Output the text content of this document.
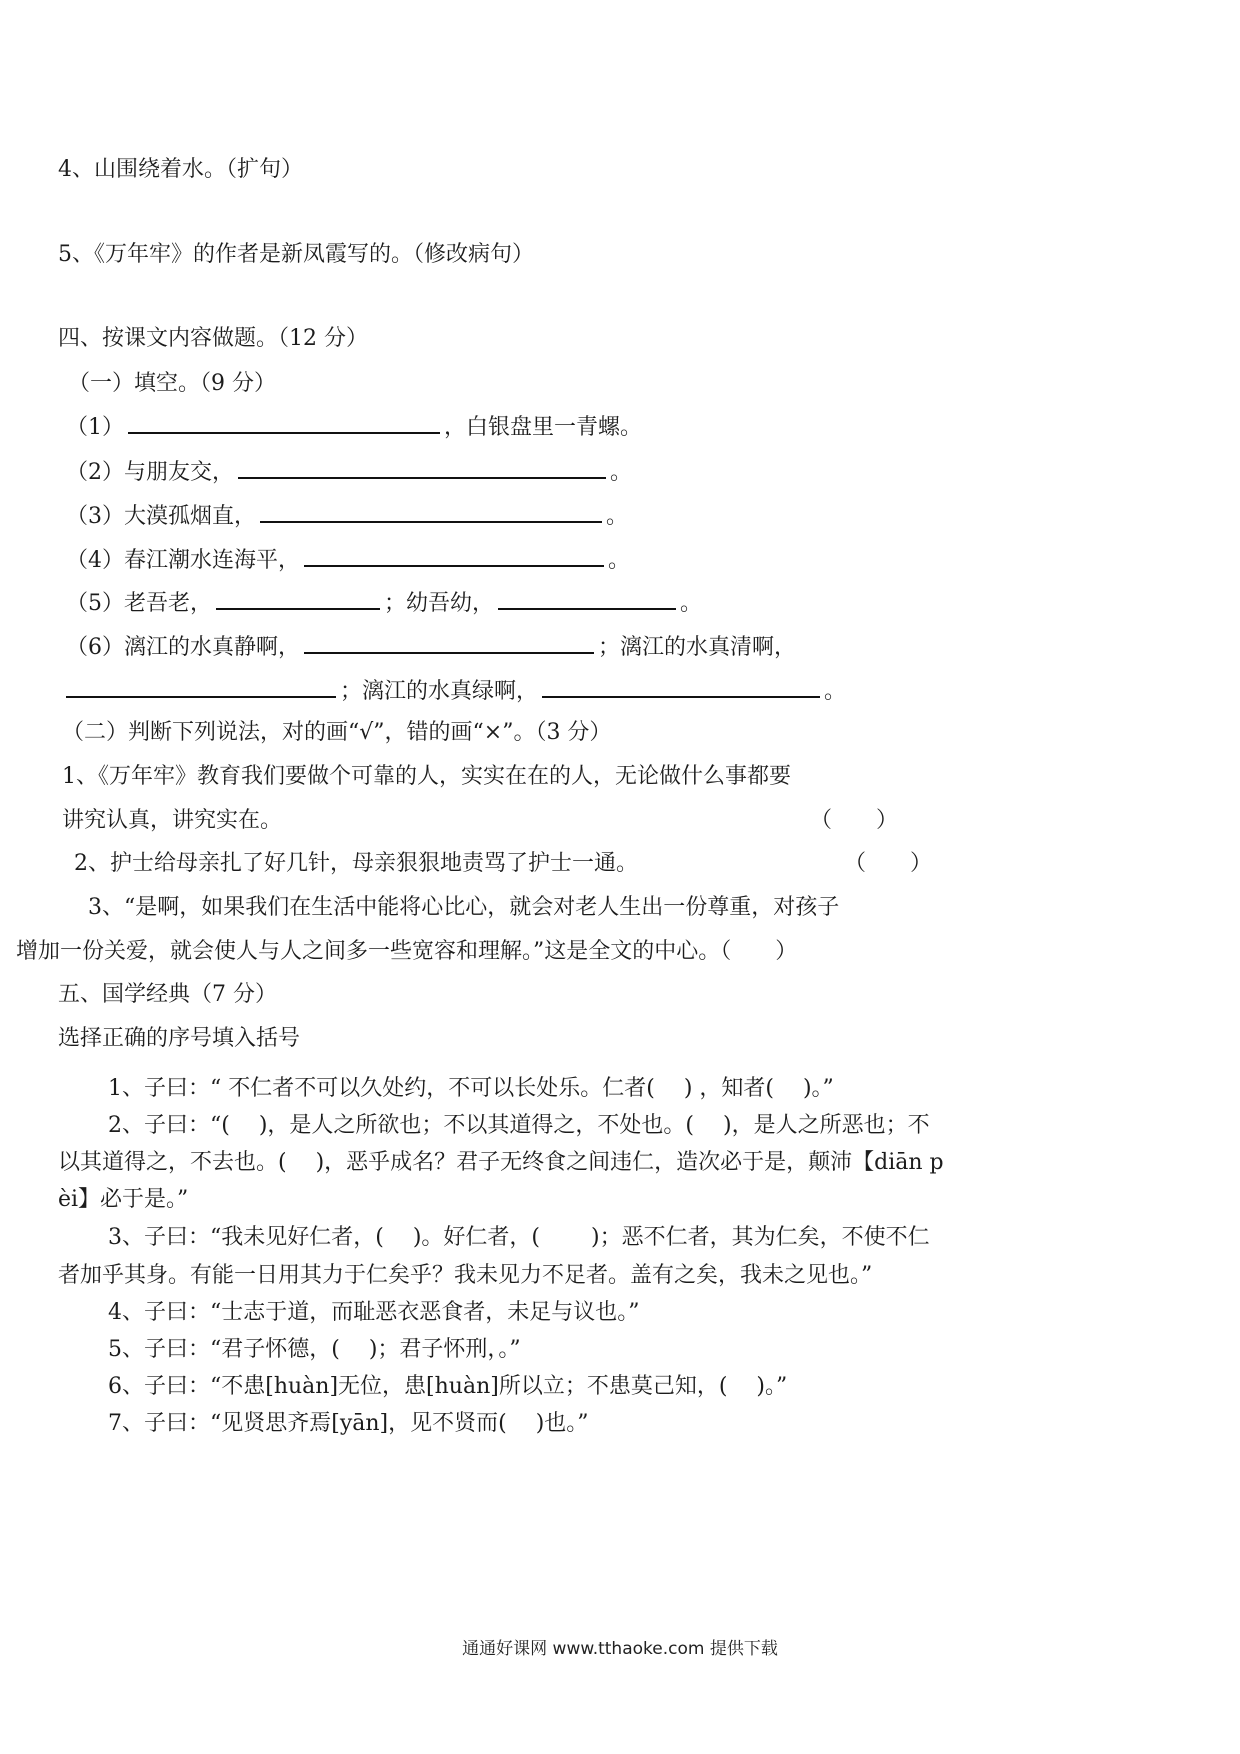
4、山围绕着水。（扩句）
5、《万年牢》的作者是新凤霞写的。（修改病句）
四、按课文内容做题。（12 分）
（一）填空。（9 分）
（1）	，白银盘里一青螺。
（2）与朋友交，	。
（3）大漠孤烟直，	。
（4）春江潮水连海平，	。
（5）老吾老，	；幼吾幼，	。
（6）漓江的水真静啊，	；漓江的水真清啊，
；漓江的水真绿啊，	。
（二）判断下列说法，对的画“√”，错的画“×”。（3 分）
1、《万年牢》教育我们要做个可靠的人，实实在在的人，无论做什么事都要
讲究认真，讲究实在。	（　　）
2、护士给母亲扎了好几针，母亲狠狠地责骂了护士一通。	（　　）
3、“是啊，如果我们在生活中能将心比心，就会对老人生出一份尊重，对孩子
增加一份关爱，就会使人与人之间多一些宽容和理解。”这是全文的中心。（　　）
五、国学经典（7 分）
选择正确的序号填入括号
1、子曰：“ 不仁者不可以久处约，不可以长处乐。仁者(　 ) ，知者(　 )。”
2、子曰：“(　 )，是人之所欲也；不以其道得之，不处也。(　 )，是人之所恶也；不
以其道得之，不去也。(　 )，恶乎成名？君子无终食之间违仁，造次必于是，颠沛【diān p
èi】必于是。”
3、子曰：“我未见好仁者，(　 )。好仁者，(　　 )；恶不仁者，其为仁矣，不使不仁
者加乎其身。有能一日用其力于仁矣乎？我未见力不足者。盖有之矣，我未之见也。”
4、子曰：“士志于道，而耻恶衣恶食者，未足与议也。”
5、子曰：“君子怀德，(　 )；君子怀刑，。”
6、子曰：“不患[huàn]无位，患[huàn]所以立；不患莫己知，(　 )。”
7、子曰：“见贤思齐焉[yān]，见不贤而(　 )也。”
通通好课网 www.tthaoke.com 提供下载
